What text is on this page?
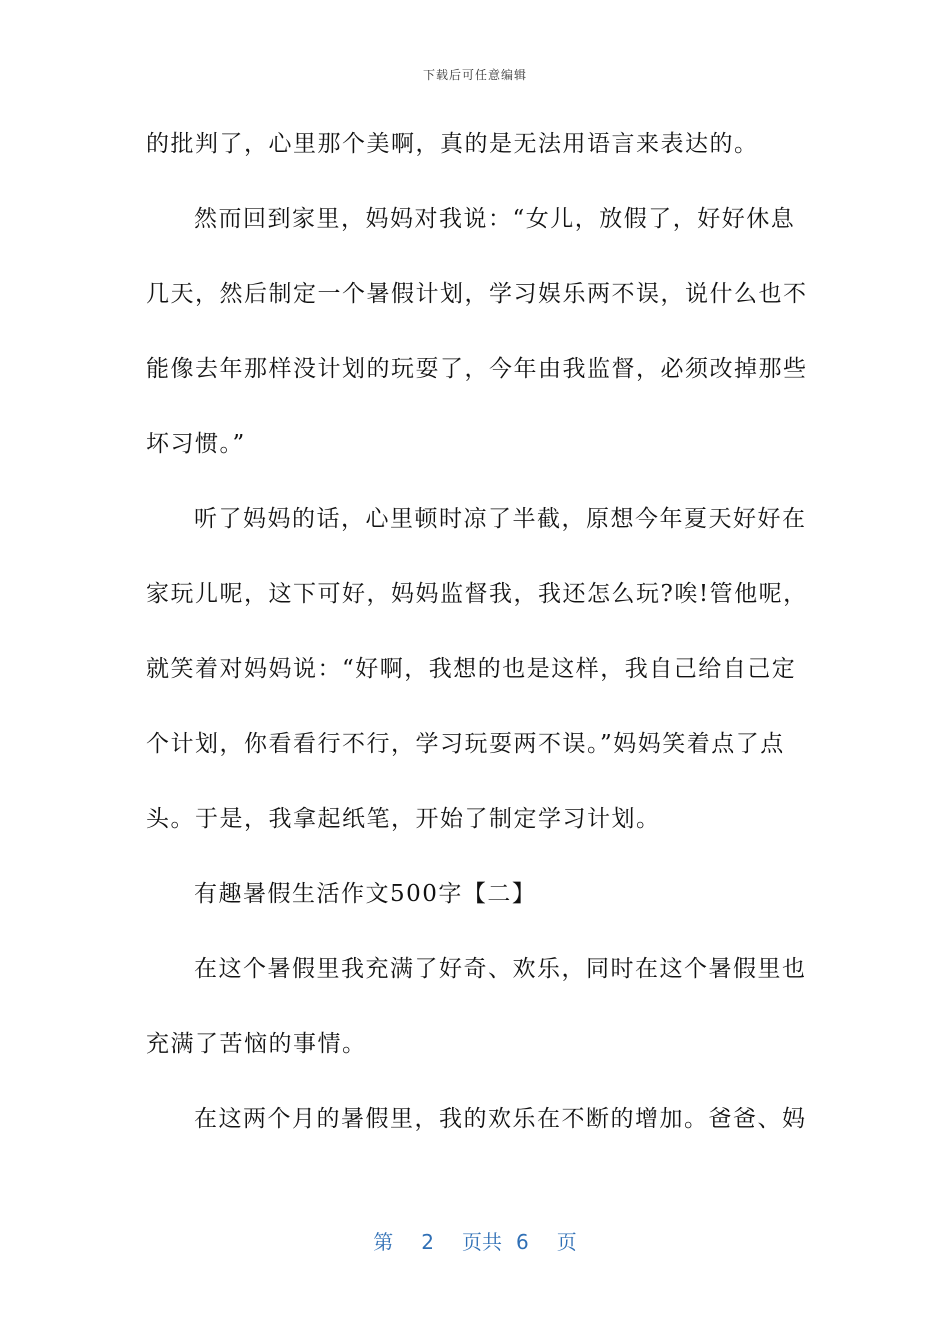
下载后可任意编辑
的批判了，心里那个美啊，真的是无法用语言来表达的。
然而回到家里，妈妈对我说：“女儿，放假了，好好休息
几天，然后制定一个暑假计划，学习娱乐两不误，说什么也不
能像去年那样没计划的玩耍了，今年由我监督，必须改掉那些
坏习惯。”
听了妈妈的话，心里顿时凉了半截，原想今年夏天好好在
家玩儿呢，这下可好，妈妈监督我，我还怎么玩?唉!管他呢，
就笑着对妈妈说：“好啊，我想的也是这样，我自己给自己定
个计划，你看看行不行，学习玩耍两不误。”妈妈笑着点了点
头。于是，我拿起纸笔，开始了制定学习计划。
有趣暑假生活作文500字【二】
在这个暑假里我充满了好奇、欢乐，同时在这个暑假里也
充满了苦恼的事情。
在这两个月的暑假里，我的欢乐在不断的增加。爸爸、妈
第 2 页共 6 页
